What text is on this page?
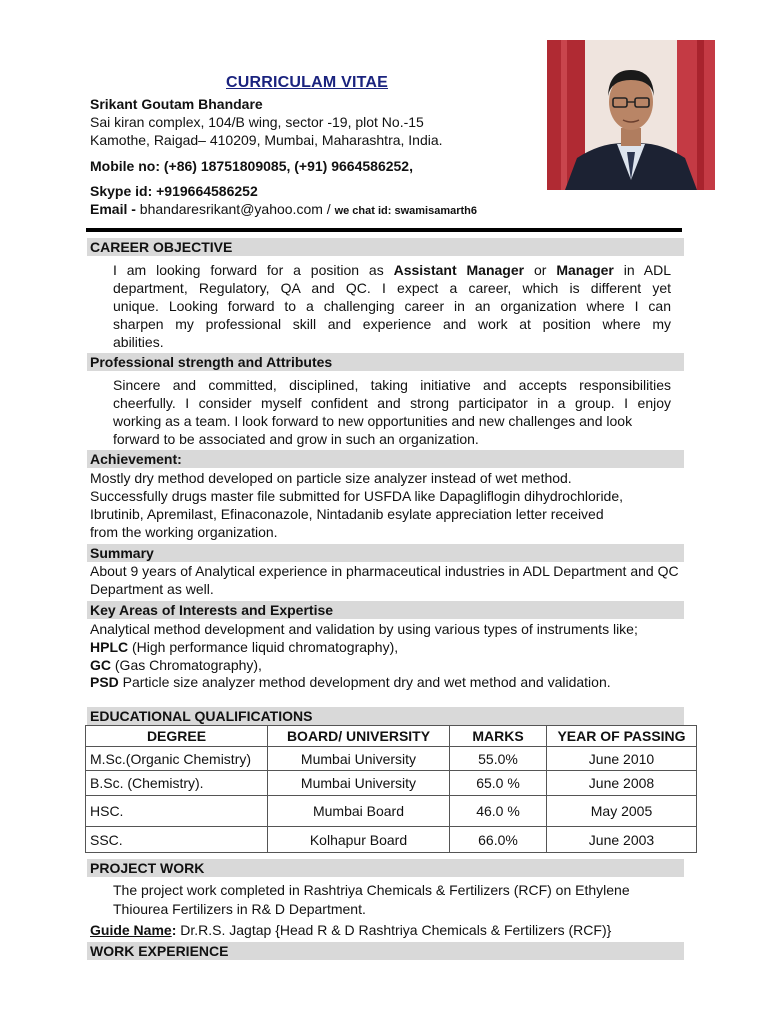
CURRICULAM VITAE
Srikant Goutam Bhandare
Sai kiran complex, 104/B wing, sector -19, plot No.-15
Kamothe, Raigad– 410209, Mumbai, Maharashtra, India.
Mobile no: (+86) 18751809085, (+91) 9664586252,
Skype id: +919664586252
Email - bhandaresrikant@yahoo.com / we chat id: swamisamarth6
CAREER OBJECTIVE
I am looking forward for a position as Assistant Manager or Manager in ADL
department, Regulatory, QA and QC. I expect a career, which is different yet
unique. Looking forward to a challenging career in an organization where I can
sharpen my professional skill and experience and work at position where my
abilities.
Professional strength and Attributes
Sincere and committed, disciplined, taking initiative and accepts responsibilities
cheerfully. I consider myself confident and strong participator in a group. I enjoy
working as a team. I look forward to new opportunities and new challenges and look
forward to be associated and grow in such an organization.
Achievement:
Mostly dry method developed on particle size analyzer instead of wet method.
Successfully drugs master file submitted for USFDA like Dapagliflogin dihydrochloride,
Ibrutinib, Apremilast, Efinaconazole, Nintadanib esylate appreciation letter received
from the working organization.
Summary
About 9 years of Analytical experience in pharmaceutical industries in ADL Department and QC
Department as well.
Key Areas of Interests and Expertise
Analytical method development and validation by using various types of instruments like;
HPLC (High performance liquid chromatography),
GC (Gas Chromatography),
PSD Particle size analyzer method development dry and wet method and validation.
EDUCATIONAL QUALIFICATIONS
DEGREE	BOARD/ UNIVERSITY	MARKS	YEAR OF PASSING
M.Sc.(Organic Chemistry)	Mumbai University	55.0%	June 2010
B.Sc. (Chemistry).	Mumbai University	65.0 %	June 2008
HSC.	Mumbai Board	46.0 %	May 2005
SSC.	Kolhapur Board	66.0%	June 2003
PROJECT WORK
The project work completed in Rashtriya Chemicals & Fertilizers (RCF) on Ethylene
Thiourea Fertilizers in R& D Department.
Guide Name: Dr.R.S. Jagtap {Head R & D Rashtriya Chemicals & Fertilizers (RCF)}
WORK EXPERIENCE
